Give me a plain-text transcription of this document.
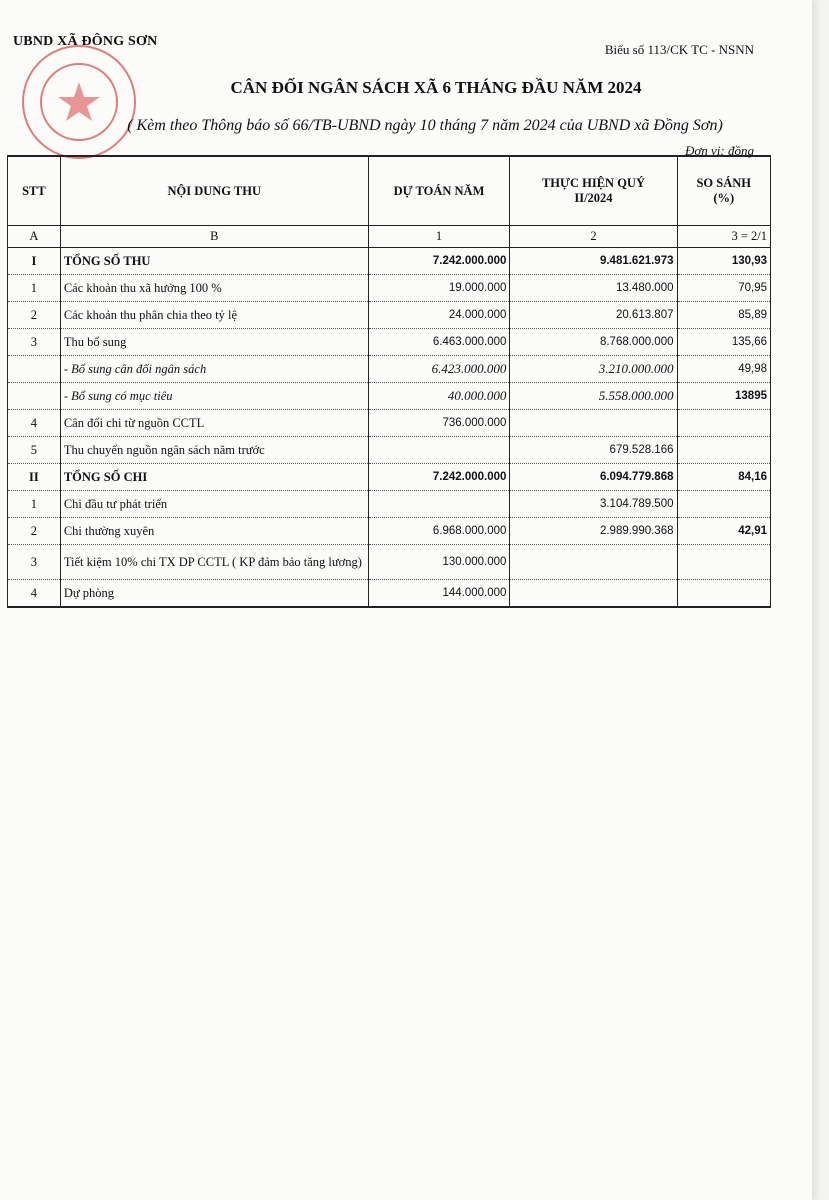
UBND XÃ ĐÔNG SƠN
Biểu số 113/CK TC - NSNN
CÂN ĐỐI NGÂN SÁCH XÃ 6 THÁNG ĐẦU NĂM 2024
( Kèm theo Thông báo số 66/TB-UBND ngày 10 tháng 7 năm 2024 của UBND xã Đồng Sơn)
Đơn vị: đồng
STT	NỘI DUNG THU	DỰ TOÁN NĂM	THỰC HIỆN QUÝ II/2024	SO SÁNH (%)
A	B	1	2	3 = 2/1
I	TỔNG SỐ THU	7.242.000.000	9.481.621.973	130,93
1	Các khoản thu xã hưởng 100 %	19.000.000	13.480.000	70,95
2	Các khoản thu phân chia theo tỷ lệ	24.000.000	20.613.807	85,89
3	Thu bổ sung	6.463.000.000	8.768.000.000	135,66
	- Bổ sung cân đối ngân sách	6.423.000.000	3.210.000.000	49,98
	- Bổ sung có mục tiêu	40.000.000	5.558.000.000	13895
4	Cân đối chi từ nguồn CCTL	736.000.000		
5	Thu chuyển nguồn ngân sách năm trước		679.528.166	
II	TỔNG SỐ CHI	7.242.000.000	6.094.779.868	84,16
1	Chi đầu tư phát triển		3.104.789.500	
2	Chi thường xuyên	6.968.000.000	2.989.990.368	42,91
3	Tiết kiệm 10% chi TX DP CCTL ( KP đảm bảo tăng lương)	130.000.000		
4	Dự phòng	144.000.000		
